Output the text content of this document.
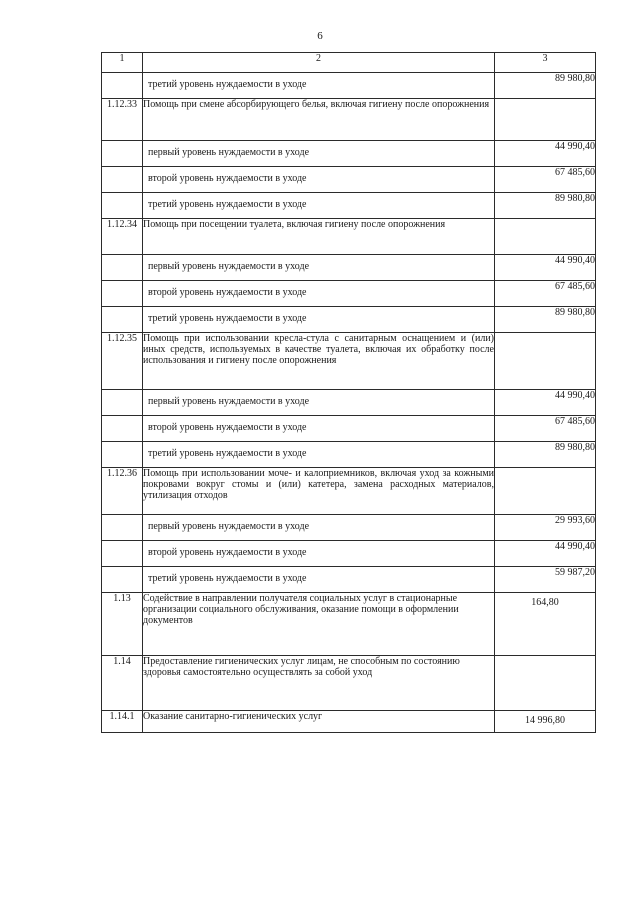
6
1	2	3
	третий уровень нуждаемости в уходе	89 980,80
1.12.33	Помощь при смене абсорбирующего белья, включая гигиену после опорожнения	
	первый уровень нуждаемости в уходе	44 990,40
	второй уровень нуждаемости в уходе	67 485,60
	третий уровень нуждаемости в уходе	89 980,80
1.12.34	Помощь при посещении туалета, включая гигиену после опорожнения	
	первый уровень нуждаемости в уходе	44 990,40
	второй уровень нуждаемости в уходе	67 485,60
	третий уровень нуждаемости в уходе	89 980,80
1.12.35	Помощь при использовании кресла-стула с санитарным оснащением и (или) иных средств, используемых в качестве туалета, включая их обработку после использования и гигиену после опорожнения	
	первый уровень нуждаемости в уходе	44 990,40
	второй уровень нуждаемости в уходе	67 485,60
	третий уровень нуждаемости в уходе	89 980,80
1.12.36	Помощь при использовании моче- и калоприемников, включая уход за кожными покровами вокруг стомы и (или) катетера, замена расходных материалов, утилизация отходов	
	первый уровень нуждаемости в уходе	29 993,60
	второй уровень нуждаемости в уходе	44 990,40
	третий уровень нуждаемости в уходе	59 987,20
1.13	Содействие в направлении получателя социальных услуг в стационарные организации социального обслуживания, оказание помощи в оформлении документов	164,80
1.14	Предоставление гигиенических услуг лицам, не способным по состоянию здоровья самостоятельно осуществлять за собой уход	
1.14.1	Оказание санитарно-гигиенических услуг	14 996,80
